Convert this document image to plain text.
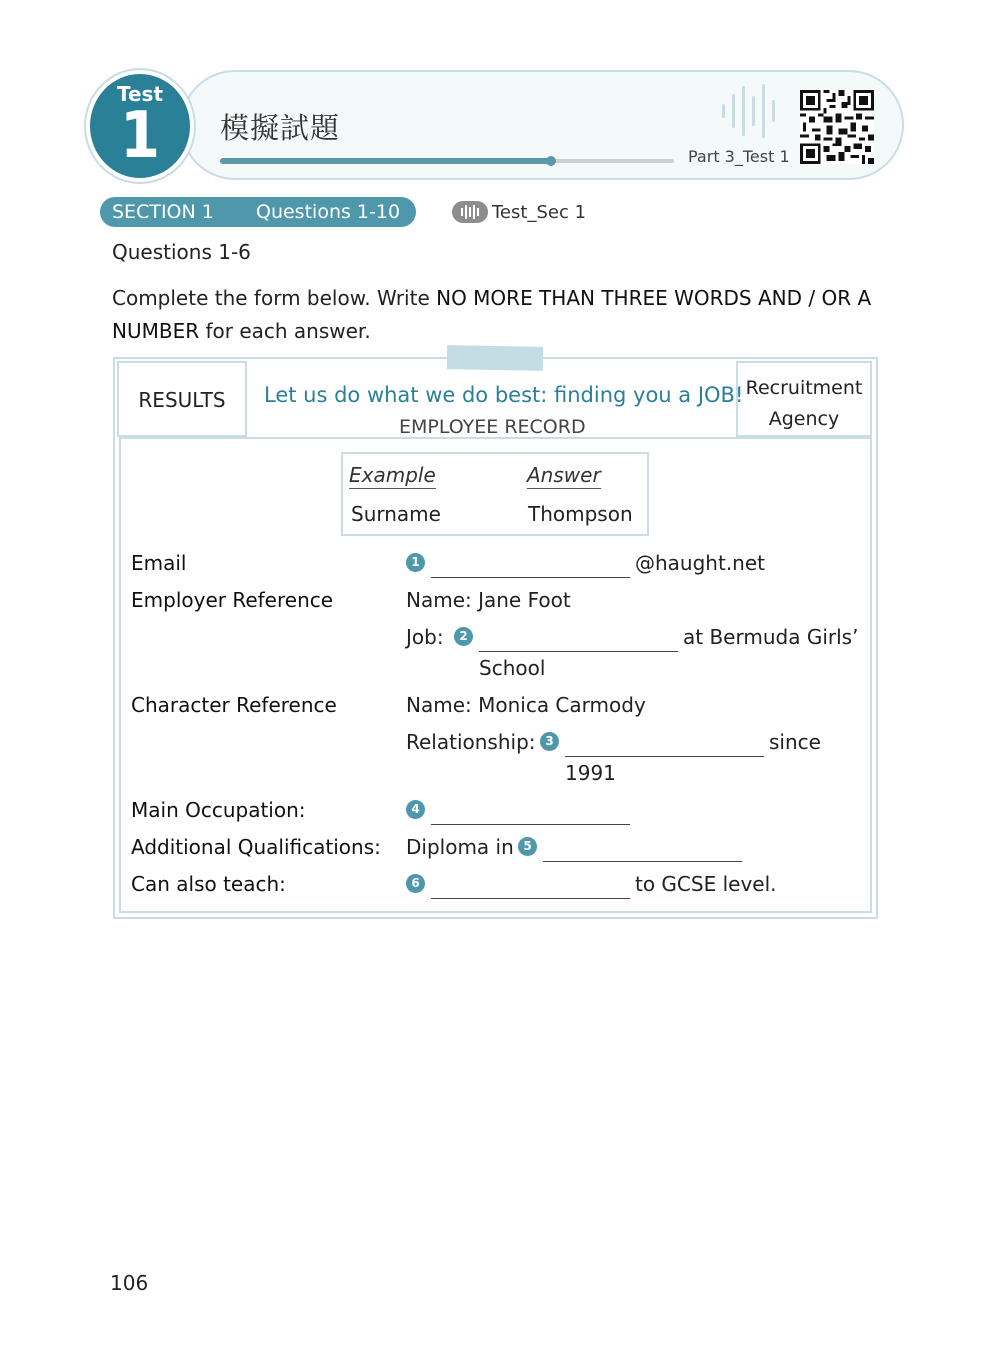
Test
1	模擬試題
Part 3_Test 1
SECTION 1 Questions 1-10	Test_Sec 1
Questions 1-6
Complete the form below. Write NO MORE THAN THREE WORDS AND / OR A NUMBER for each answer.
RESULTS	Recruitment
Agency
Let us do what we do best: finding you a JOB!
EMPLOYEE RECORD
Example	Answer
Surname	Thompson
Email	1	@haught.net
Employer Reference	Name: Jane Foot
Job:	2	at Bermuda Girls’
School
Character Reference	Name: Monica Carmody
Relationship: 3	since
1991
Main Occupation:	4
Additional Qualifications: Diploma in 5
Can also teach:	6	to GCSE level.
106
